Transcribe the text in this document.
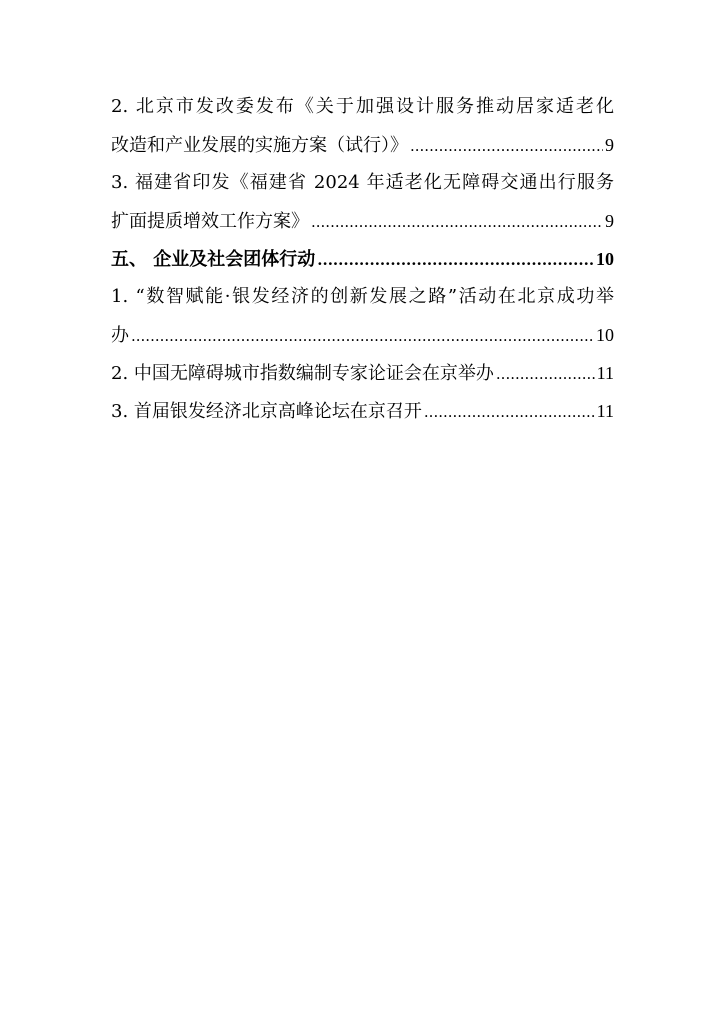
2. 北京市发改委发布《关于加强设计服务推动居家适老化
改造和产业发展的实施方案（试行）》 .....	9
3. 福建省印发《福建省 2024 年适老化无障碍交通出行服务
扩面提质增效工作方案》 .....	9
五、 企业及社会团体行动 .....	10
1. “数智赋能·银发经济的创新发展之路”活动在北京成功举
办 .....	10
2. 中国无障碍城市指数编制专家论证会在京举办 .....	11
3. 首届银发经济北京高峰论坛在京召开 .....	11
